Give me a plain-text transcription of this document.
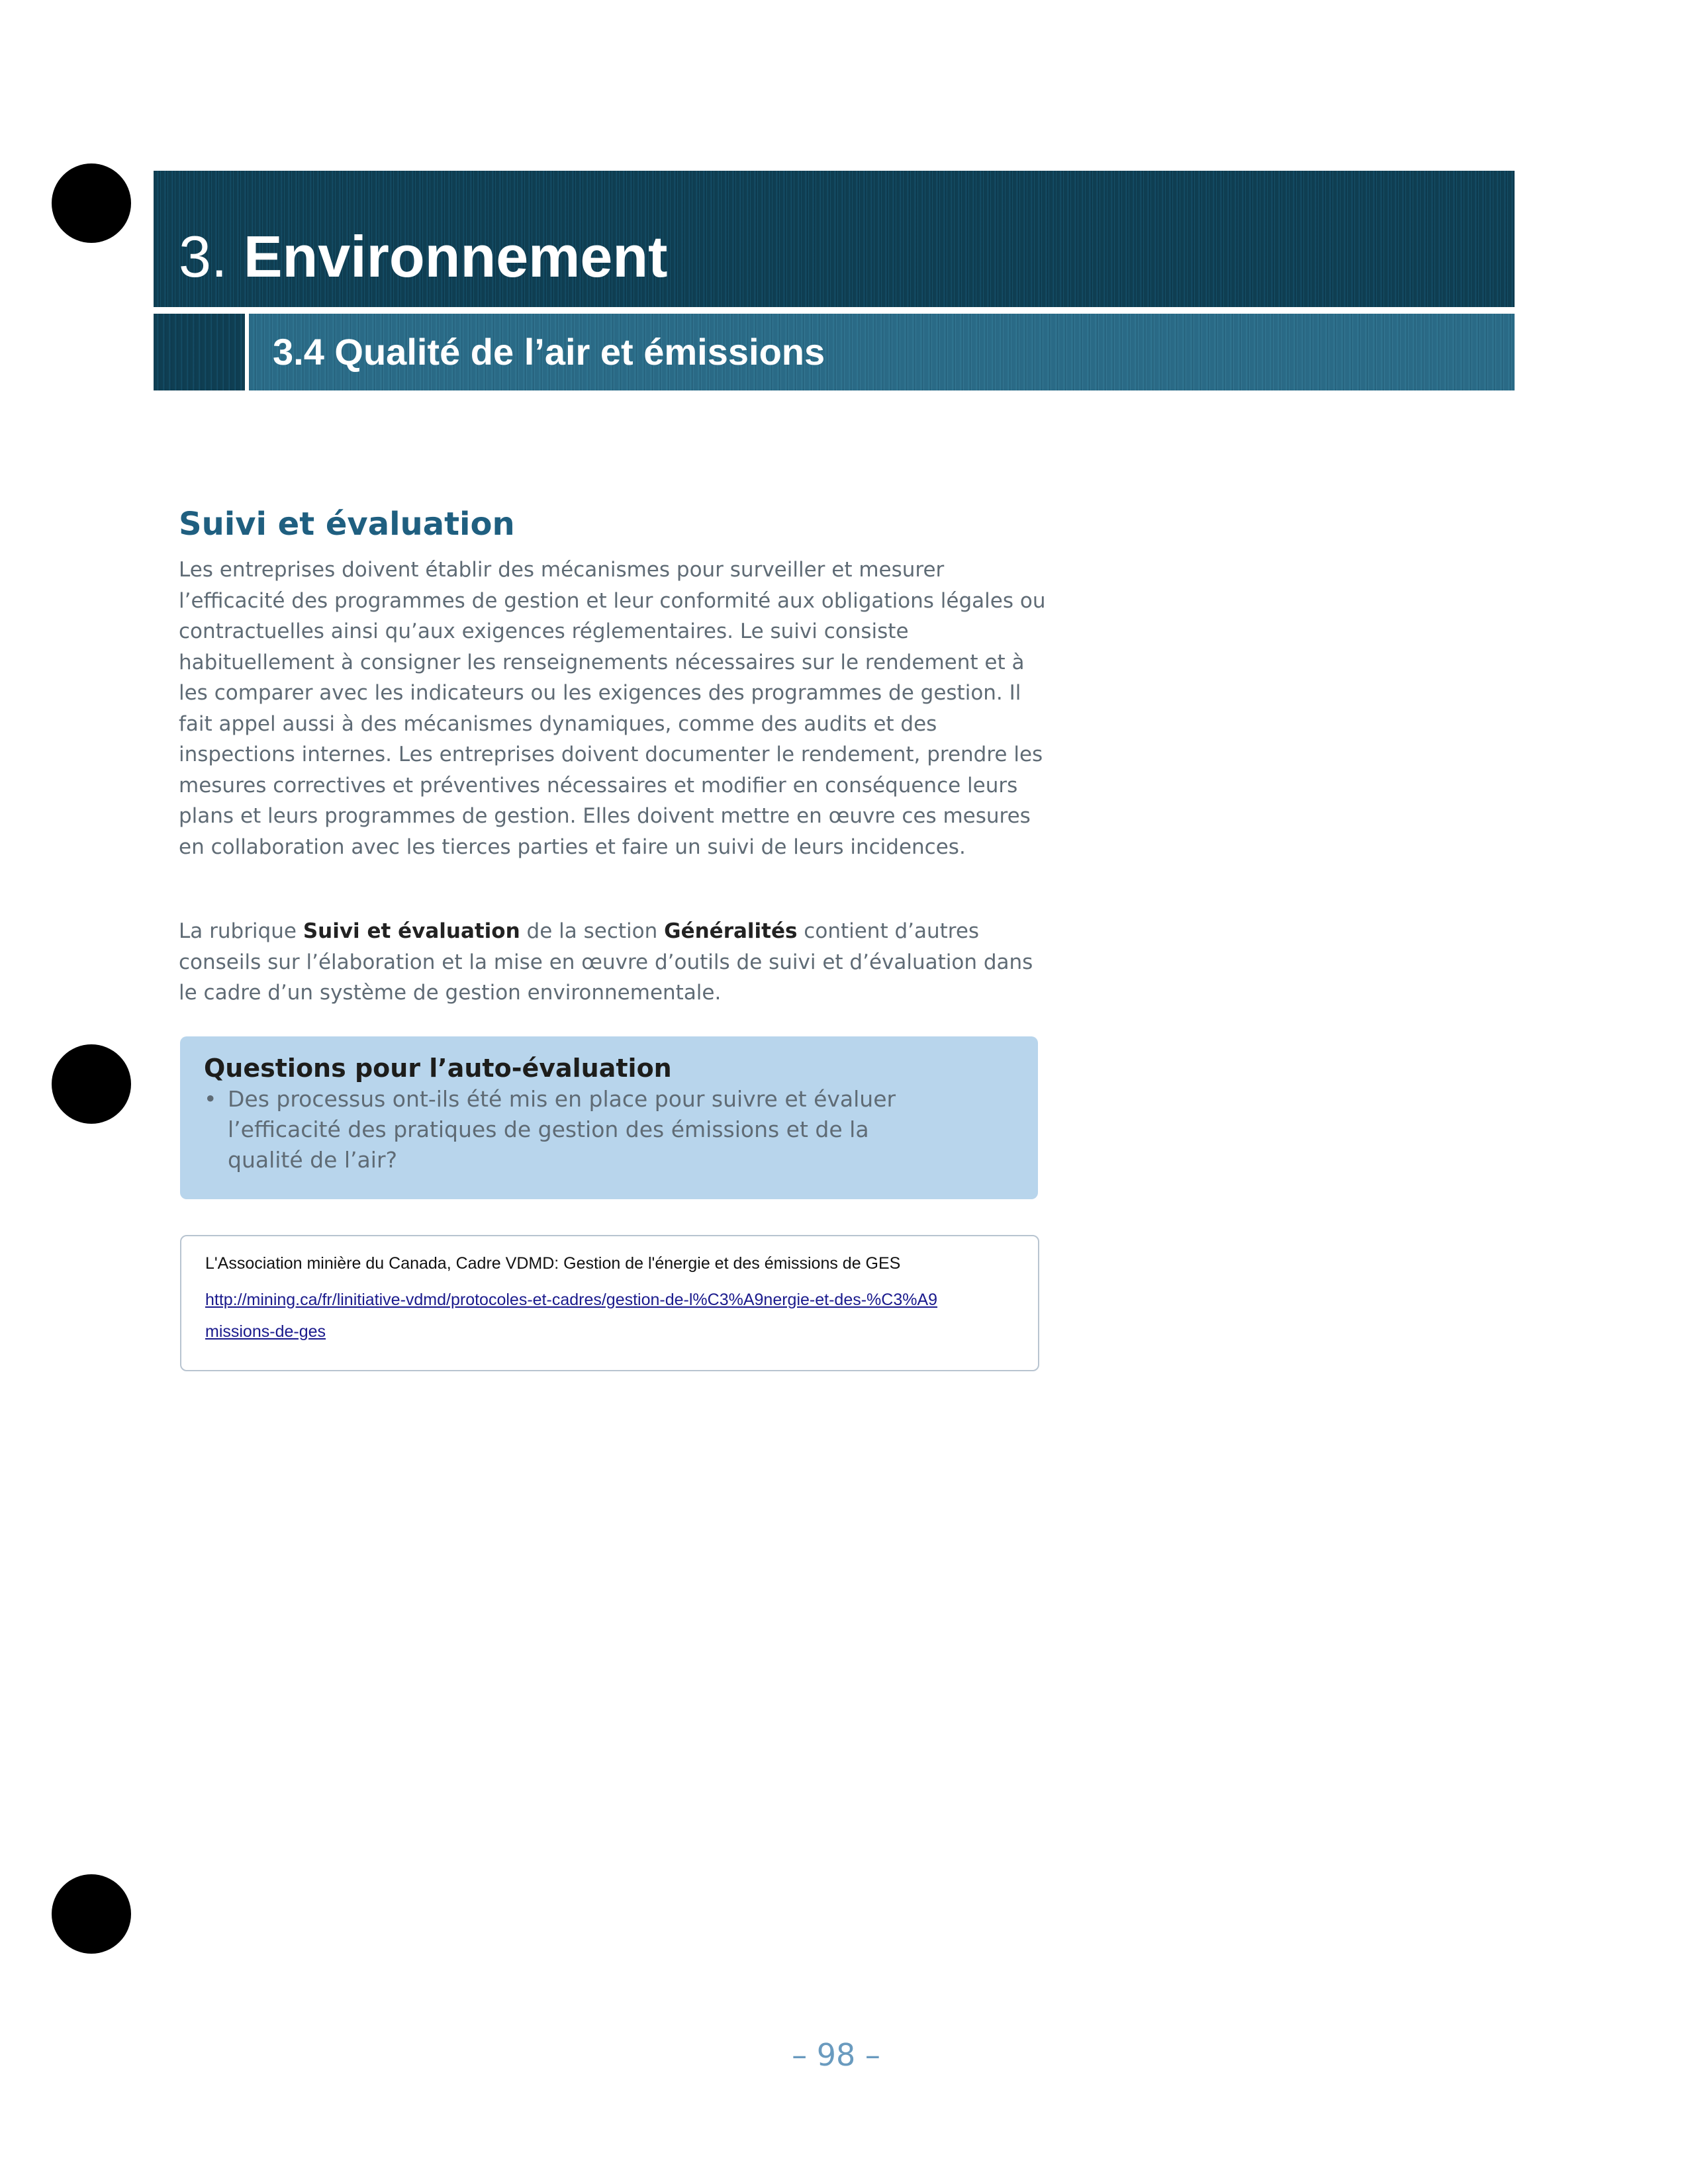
3. Environnement
3.4 Qualité de l’air et émissions
Suivi et évaluation

Les entreprises doivent établir des mécanismes pour surveiller et mesurer l’efficacité des programmes de gestion et leur conformité aux obligations légales ou contractuelles ainsi qu’aux exigences réglementaires. Le suivi consiste habituellement à consigner les renseignements nécessaires sur le rendement et à les comparer avec les indicateurs ou les exigences des programmes de gestion. Il fait appel aussi à des mécanismes dynamiques, comme des audits et des inspections internes. Les entreprises doivent documenter le rendement, prendre les mesures correctives et préventives nécessaires et modifier en conséquence leurs plans et leurs programmes de gestion. Elles doivent mettre en œuvre ces mesures en collaboration avec les tierces parties et faire un suivi de leurs incidences.

La rubrique Suivi et évaluation de la section Généralités contient d’autres conseils sur l’élaboration et la mise en œuvre d’outils de suivi et d’évaluation dans le cadre d’un système de gestion environnementale.

Questions pour l’auto-évaluation
• Des processus ont-ils été mis en place pour suivre et évaluer l’efficacité des pratiques de gestion des émissions et de la qualité de l’air?
L'Association minière du Canada, Cadre VDMD: Gestion de l'énergie et des émissions de GES
http://mining.ca/fr/linitiative-vdmd/protocoles-et-cadres/gestion-de-l%C3%A9nergie-et-des-%C3%A9missions-de-ges
– 98 –
